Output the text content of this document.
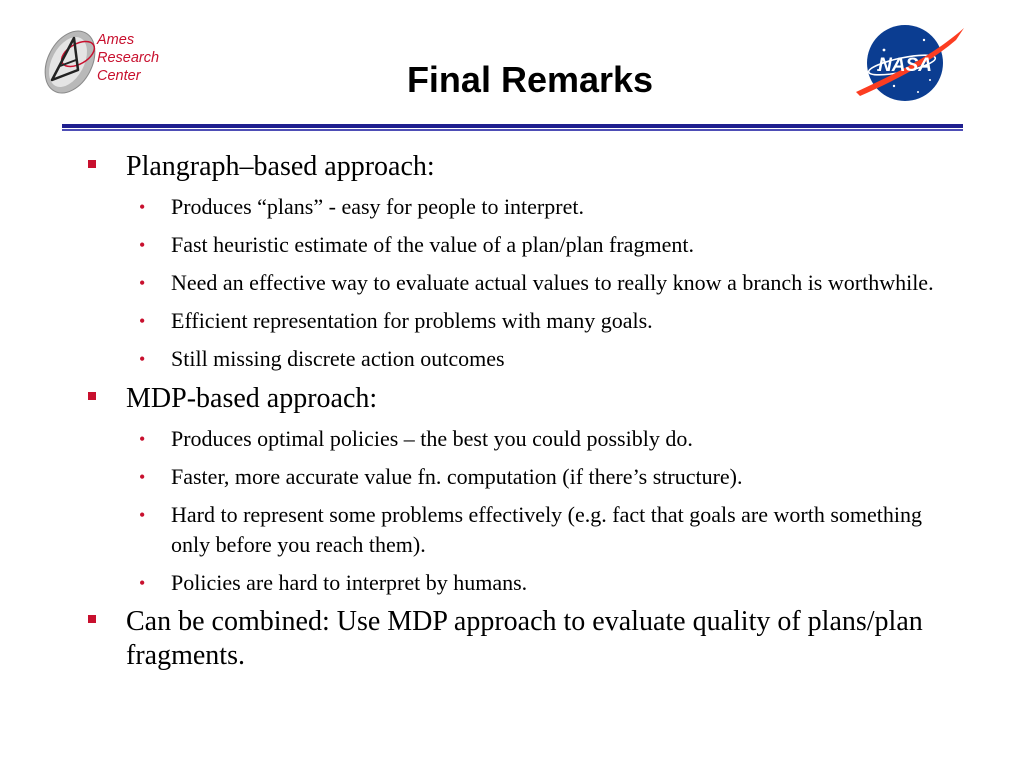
Ames
Research
Center	Final Remarks	NASA
Plangraph–based approach:
• Produces “plans” - easy for people to interpret.
• Fast heuristic estimate of the value of a plan/plan fragment.
• Need an effective way to evaluate actual values to really know a branch is worthwhile.
• Efficient representation for problems with many goals.
• Still missing discrete action outcomes
MDP-based approach:
• Produces optimal policies – the best you could possibly do.
• Faster, more accurate value fn. computation (if there’s structure).
• Hard to represent some problems effectively (e.g. fact that goals are worth something only before you reach them).
• Policies are hard to interpret by humans.
Can be combined: Use MDP approach to evaluate quality of plans/plan fragments.
